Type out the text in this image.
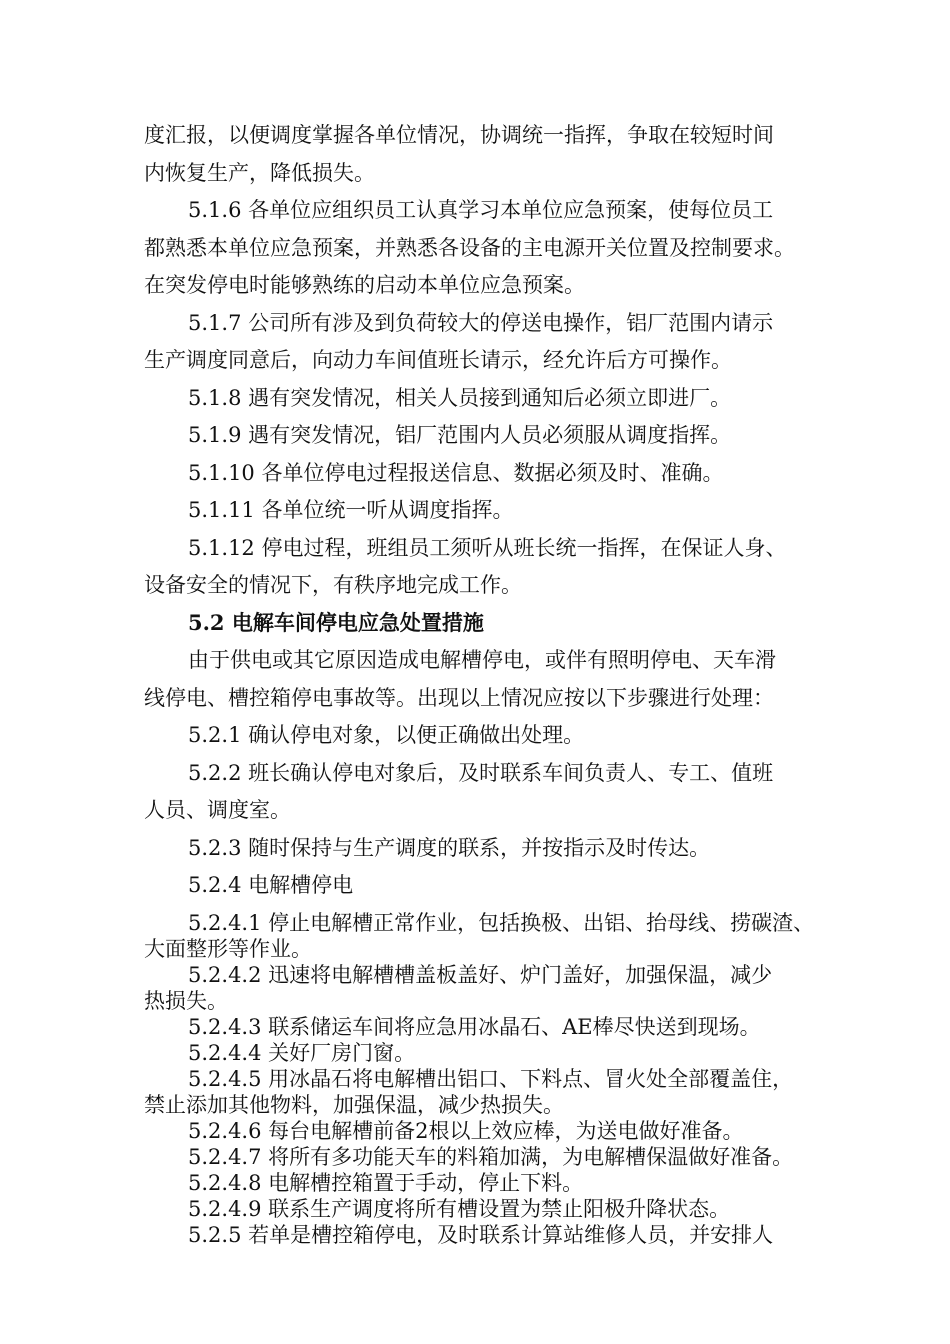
度汇报，以便调度掌握各单位情况，协调统一指挥，争取在较短时间

内恢复生产，降低损失。

5.1.6 各单位应组织员工认真学习本单位应急预案，使每位员工

都熟悉本单位应急预案，并熟悉各设备的主电源开关位置及控制要求。

在突发停电时能够熟练的启动本单位应急预案。

5.1.7 公司所有涉及到负荷较大的停送电操作，铝厂范围内请示

生产调度同意后，向动力车间值班长请示，经允许后方可操作。

5.1.8 遇有突发情况，相关人员接到通知后必须立即进厂。

5.1.9 遇有突发情况，铝厂范围内人员必须服从调度指挥。

5.1.10 各单位停电过程报送信息、数据必须及时、准确。

5.1.11 各单位统一听从调度指挥。

5.1.12 停电过程，班组员工须听从班长统一指挥，在保证人身、

设备安全的情况下，有秩序地完成工作。

5.2 电解车间停电应急处置措施

由于供电或其它原因造成电解槽停电，或伴有照明停电、天车滑

线停电、槽控箱停电事故等。出现以上情况应按以下步骤进行处理：

5.2.1 确认停电对象，以便正确做出处理。

5.2.2 班长确认停电对象后，及时联系车间负责人、专工、值班

人员、调度室。

5.2.3 随时保持与生产调度的联系，并按指示及时传达。

5.2.4 电解槽停电

5.2.4.1 停止电解槽正常作业，包括换极、出铝、抬母线、捞碳渣、

大面整形等作业。

5.2.4.2 迅速将电解槽槽盖板盖好、炉门盖好，加强保温，减少

热损失。

5.2.4.3 联系储运车间将应急用冰晶石、AE棒尽快送到现场。

5.2.4.4 关好厂房门窗。

5.2.4.5 用冰晶石将电解槽出铝口、下料点、冒火处全部覆盖住，

禁止添加其他物料，加强保温，减少热损失。

5.2.4.6 每台电解槽前备2根以上效应棒，为送电做好准备。

5.2.4.7 将所有多功能天车的料箱加满，为电解槽保温做好准备。

5.2.4.8 电解槽控箱置于手动，停止下料。

5.2.4.9 联系生产调度将所有槽设置为禁止阳极升降状态。

5.2.5 若单是槽控箱停电，及时联系计算站维修人员，并安排人
